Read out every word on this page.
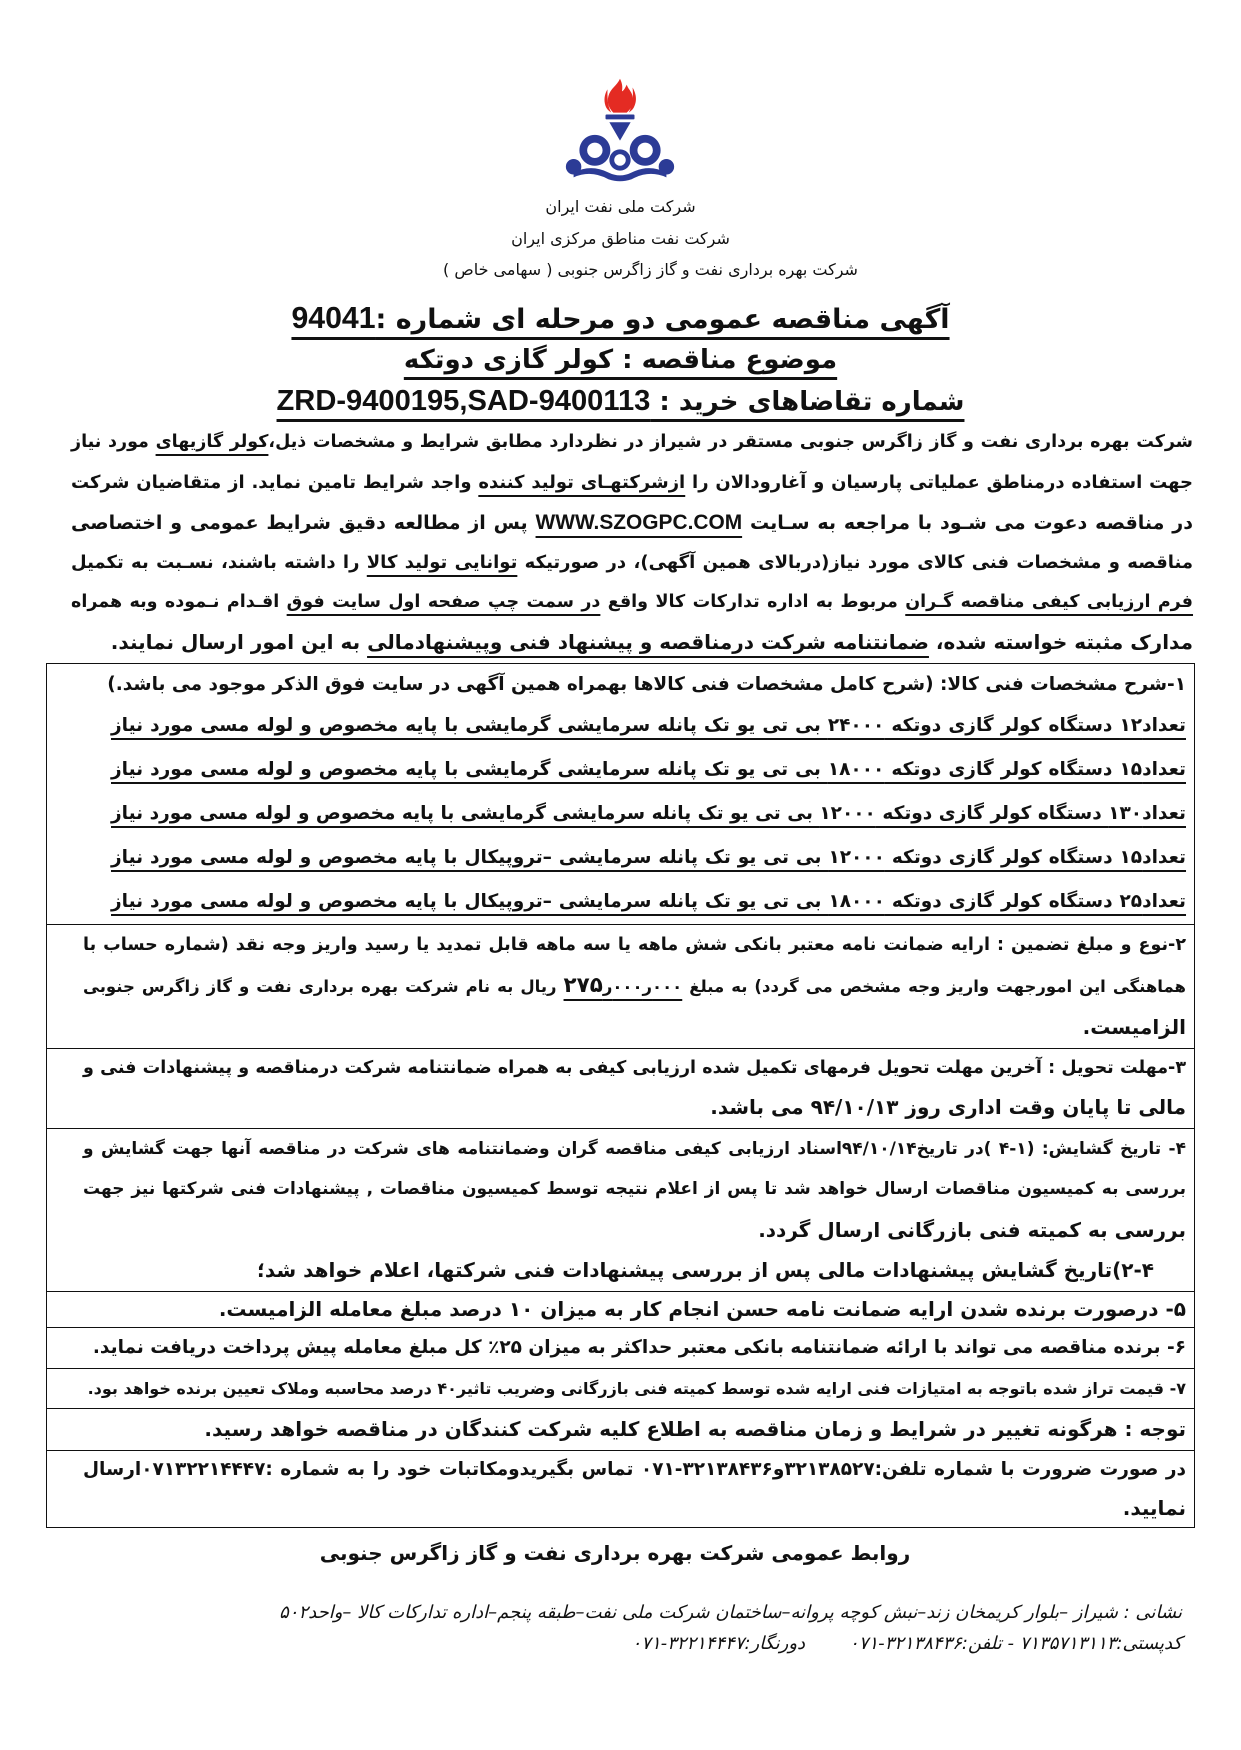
شرکت ملی نفت ایران
شرکت نفت مناطق مرکزی ایران
شرکت بهره برداری نفت و گاز زاگرس جنوبی ( سهامی خاص )
آگهی مناقصه عمومی دو مرحله ای شماره :94041
موضوع مناقصه : کولر گازی دوتکه
شماره تقاضاهای خرید : ZRD-9400195,SAD-9400113
شرکت بهره برداری نفت و گاز زاگرس جنوبی مستقر در شیراز در نظردارد مطابق شرایط و مشخصات ذیل،کولر گازیهای مورد نیاز
جهت استفاده درمناطق عملیاتی پارسیان و آغارودالان را ازشرکتهـای تولید کننده واجد شرایط تامین نماید. از متقاضیان شرکت
در مناقصه دعوت می شـود با مراجعه به سـایت WWW.SZOGPC.COM پس از مطالعه دقیق شرایط عمومی و اختصاصی
مناقصه و مشخصات فنی کالای مورد نیاز(دربالای همین آگهی)، در صورتیکه توانایی تولید کالا را داشته باشند، نسـبت به تکمیل
فرم ارزیابی کیفی مناقصه گـران مربوط به اداره تدارکات کالا واقع در سمت چپ صفحه اول سایت فوق اقـدام نـموده وبه همراه
مدارک مثبته خواسته شده، ضمانتنامه شرکت درمناقصه و پیشنهاد فنی وپیشنهادمالی به این امور ارسال نمایند.
۱-شرح مشخصات فنی کالا: (شرح کامل مشخصات فنی کالاها بهمراه همین آگهی در سایت فوق الذکر موجود می باشد.)
تعداد۱۲ دستگاه کولر گازی دوتکه ۲۴۰۰۰ بی تی یو تک پانله سرمایشی گرمایشی با پایه مخصوص و لوله مسی مورد نیاز
تعداد۱۵ دستگاه کولر گازی دوتکه ۱۸۰۰۰ بی تی یو تک پانله سرمایشی گرمایشی با پایه مخصوص و لوله مسی مورد نیاز
تعداد۱۳۰ دستگاه کولر گازی دوتکه ۱۲۰۰۰ بی تی یو تک پانله سرمایشی گرمایشی با پایه مخصوص و لوله مسی مورد نیاز
تعداد۱۵ دستگاه کولر گازی دوتکه ۱۲۰۰۰ بی تی یو تک پانله سرمایشی –تروپیکال با پایه مخصوص و لوله مسی مورد نیاز
تعداد۲۵ دستگاه کولر گازی دوتکه ۱۸۰۰۰ بی تی یو تک پانله سرمایشی –تروپیکال با پایه مخصوص و لوله مسی مورد نیاز
۲-نوع و مبلغ تضمین : ارایه ضمانت نامه معتبر بانکی شش ماهه یا سه ماهه قابل تمدید یا رسید واریز وجه نقد (شماره حساب با
هماهنگی این امورجهت واریز وجه مشخص می گردد) به مبلغ ۰۰۰ر۰۰۰ر۲۷۵ ریال به نام شرکت بهره برداری نفت و گاز زاگرس جنوبی
الزامیست.
۳-مهلت تحویل : آخرین مهلت تحویل فرمهای تکمیل شده ارزیابی کیفی به همراه ضمانتنامه شرکت درمناقصه و پیشنهادات فنی و
مالی تا پایان وقت اداری روز ۹۴/۱۰/۱۳ می باشد.
۴- تاریخ گشایش: (۱-۴ )در تاریخ۹۴/۱۰/۱۴اسناد ارزیابی کیفی مناقصه گران وضمانتنامه های شرکت در مناقصه آنها جهت گشایش و
بررسی به کمیسیون مناقصات ارسال خواهد شد تا پس از اعلام نتیجه توسط کمیسیون مناقصات , پیشنهادات فنی شرکتها نیز جهت
بررسی به کمیته فنی بازرگانی ارسال گردد.
۲-۴)تاریخ گشایش پیشنهادات مالی پس از بررسی پیشنهادات فنی شرکتها، اعلام خواهد شد؛
۵- درصورت برنده شدن ارایه ضمانت نامه حسن انجام کار به میزان ۱۰ درصد مبلغ معامله الزامیست.
۶- برنده مناقصه می تواند با ارائه ضمانتنامه بانکی معتبر حداکثر به میزان ۲۵٪ کل مبلغ معامله پیش پرداخت دریافت نماید.
۷- قیمت تراز شده باتوجه به امتیازات فنی ارایه شده توسط کمیته فنی بازرگانی وضریب تاثیر۴۰ درصد محاسبه وملاک تعیین برنده خواهد بود.
توجه : هرگونه تغییر در شرایط و زمان مناقصه به اطلاع کلیه شرکت کنندگان در مناقصه خواهد رسید.
در صورت ضرورت با شماره تلفن:۳۲۱۳۸۵۲۷و۳۲۱۳۸۴۳۶-۰۷۱ تماس بگیریدومکاتبات خود را به شماره :۰۷۱۳۲۲۱۴۴۴۷ارسال
نمایید.
روابط عمومی شرکت بهره برداری نفت و گاز زاگرس جنوبی
نشانی : شیراز –بلوار کریمخان زند–نبش کوچه پروانه–ساختمان شرکت ملی نفت–طبقه پنجم–اداره تدارکات کالا –واحد۵۰۲
کدپستی:۷۱۳۵۷۱۳۱۱۳ - تلفن:۳۲۱۳۸۴۳۶-۰۷۱دورنگار:۳۲۲۱۴۴۴۷-۰۷۱
